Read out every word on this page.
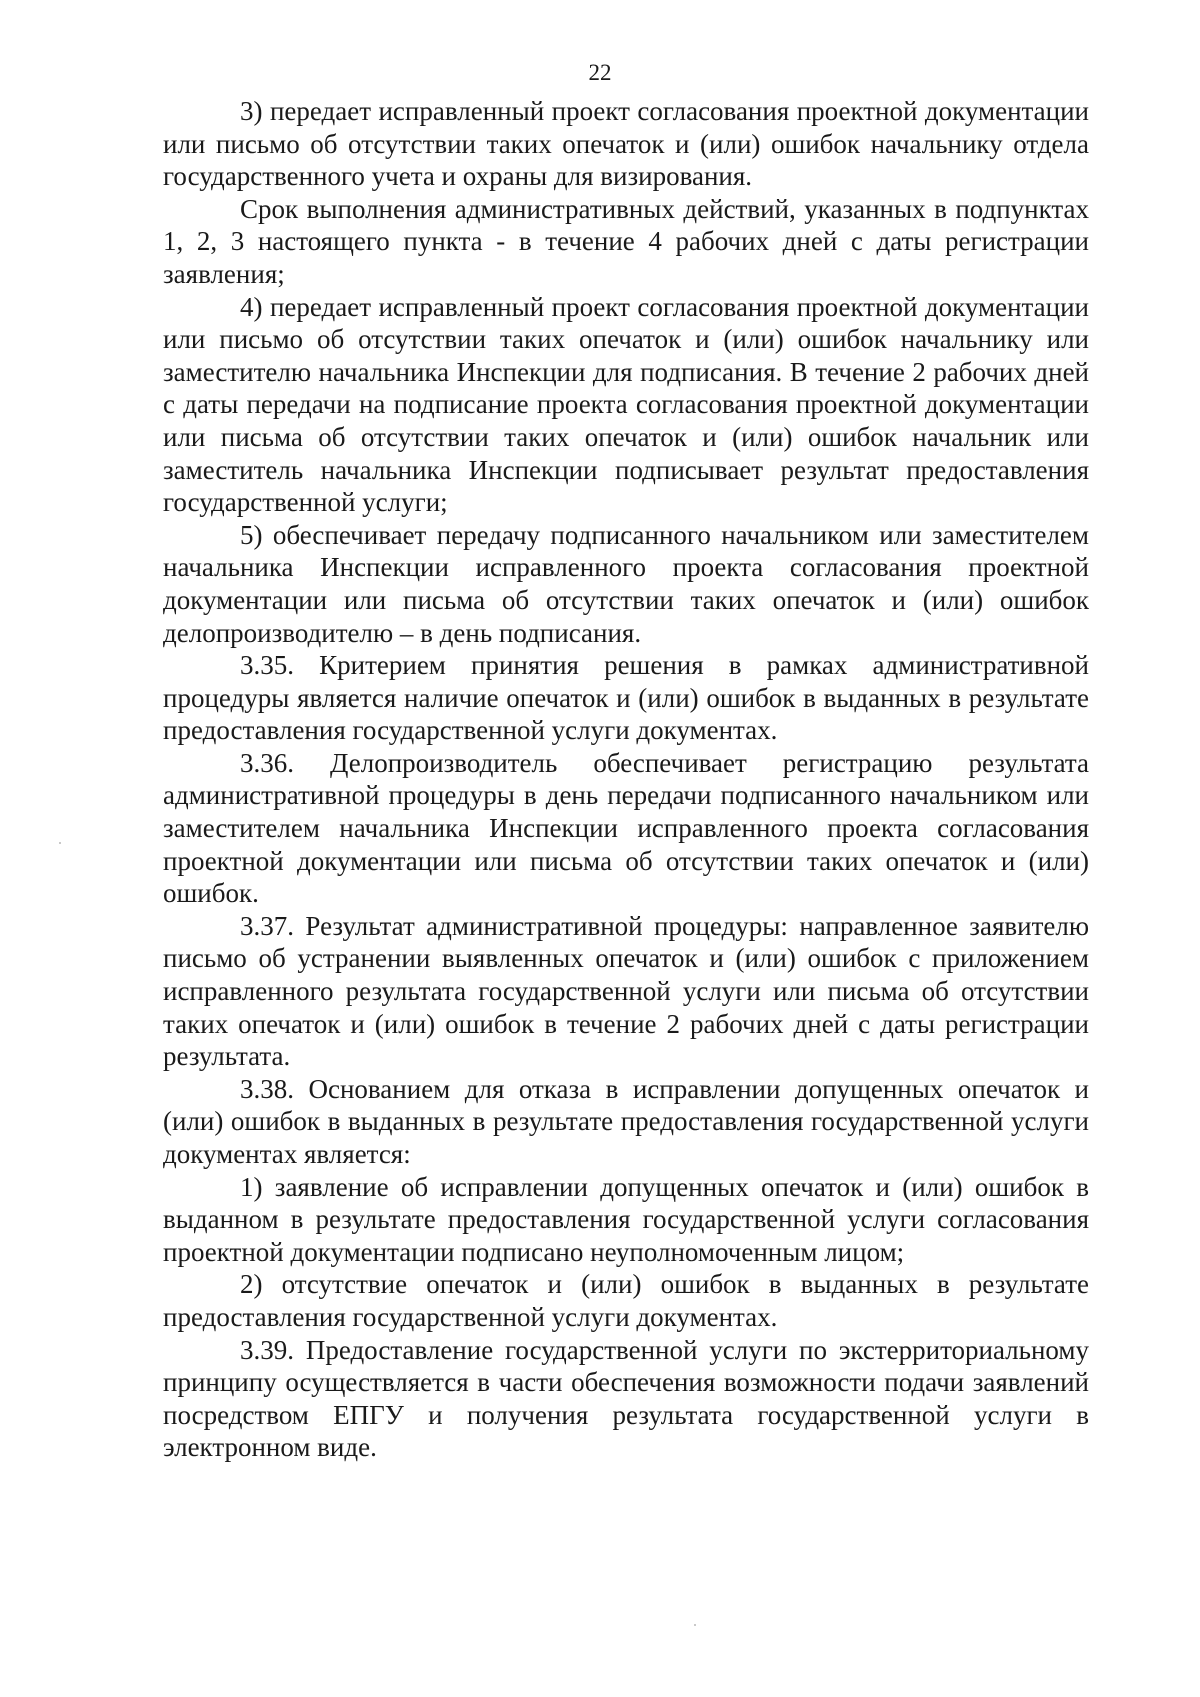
22

3) передает исправленный проект согласования проектной документации или письмо об отсутствии таких опечаток и (или) ошибок начальнику отдела государственного учета и охраны для визирования.

Срок выполнения административных действий, указанных в подпунктах 1, 2, 3 настоящего пункта - в течение 4 рабочих дней с даты регистрации заявления;

4) передает исправленный проект согласования проектной документации или письмо об отсутствии таких опечаток и (или) ошибок начальнику или заместителю начальника Инспекции для подписания. В течение 2 рабочих дней с даты передачи на подписание проекта согласования проектной документации или письма об отсутствии таких опечаток и (или) ошибок начальник или заместитель начальника Инспекции подписывает результат предоставления государственной услуги;

5) обеспечивает передачу подписанного начальником или заместителем начальника Инспекции исправленного проекта согласования проектной документации или письма об отсутствии таких опечаток и (или) ошибок делопроизводителю – в день подписания.

3.35. Критерием принятия решения в рамках административной процедуры является наличие опечаток и (или) ошибок в выданных в результате предоставления государственной услуги документах.

3.36. Делопроизводитель обеспечивает регистрацию результата административной процедуры в день передачи подписанного начальником или заместителем начальника Инспекции исправленного проекта согласования проектной документации или письма об отсутствии таких опечаток и (или) ошибок.

3.37. Результат административной процедуры: направленное заявителю письмо об устранении выявленных опечаток и (или) ошибок с приложением исправленного результата государственной услуги или письма об отсутствии таких опечаток и (или) ошибок в течение 2 рабочих дней с даты регистрации результата.

3.38. Основанием для отказа в исправлении допущенных опечаток и (или) ошибок в выданных в результате предоставления государственной услуги документах является:

1) заявление об исправлении допущенных опечаток и (или) ошибок в выданном в результате предоставления государственной услуги согласования проектной документации подписано неуполномоченным лицом;

2) отсутствие опечаток и (или) ошибок в выданных в результате предоставления государственной услуги документах.

3.39. Предоставление государственной услуги по экстерриториальному принципу осуществляется в части обеспечения возможности подачи заявлений посредством ЕПГУ и получения результата государственной услуги в электронном виде.
